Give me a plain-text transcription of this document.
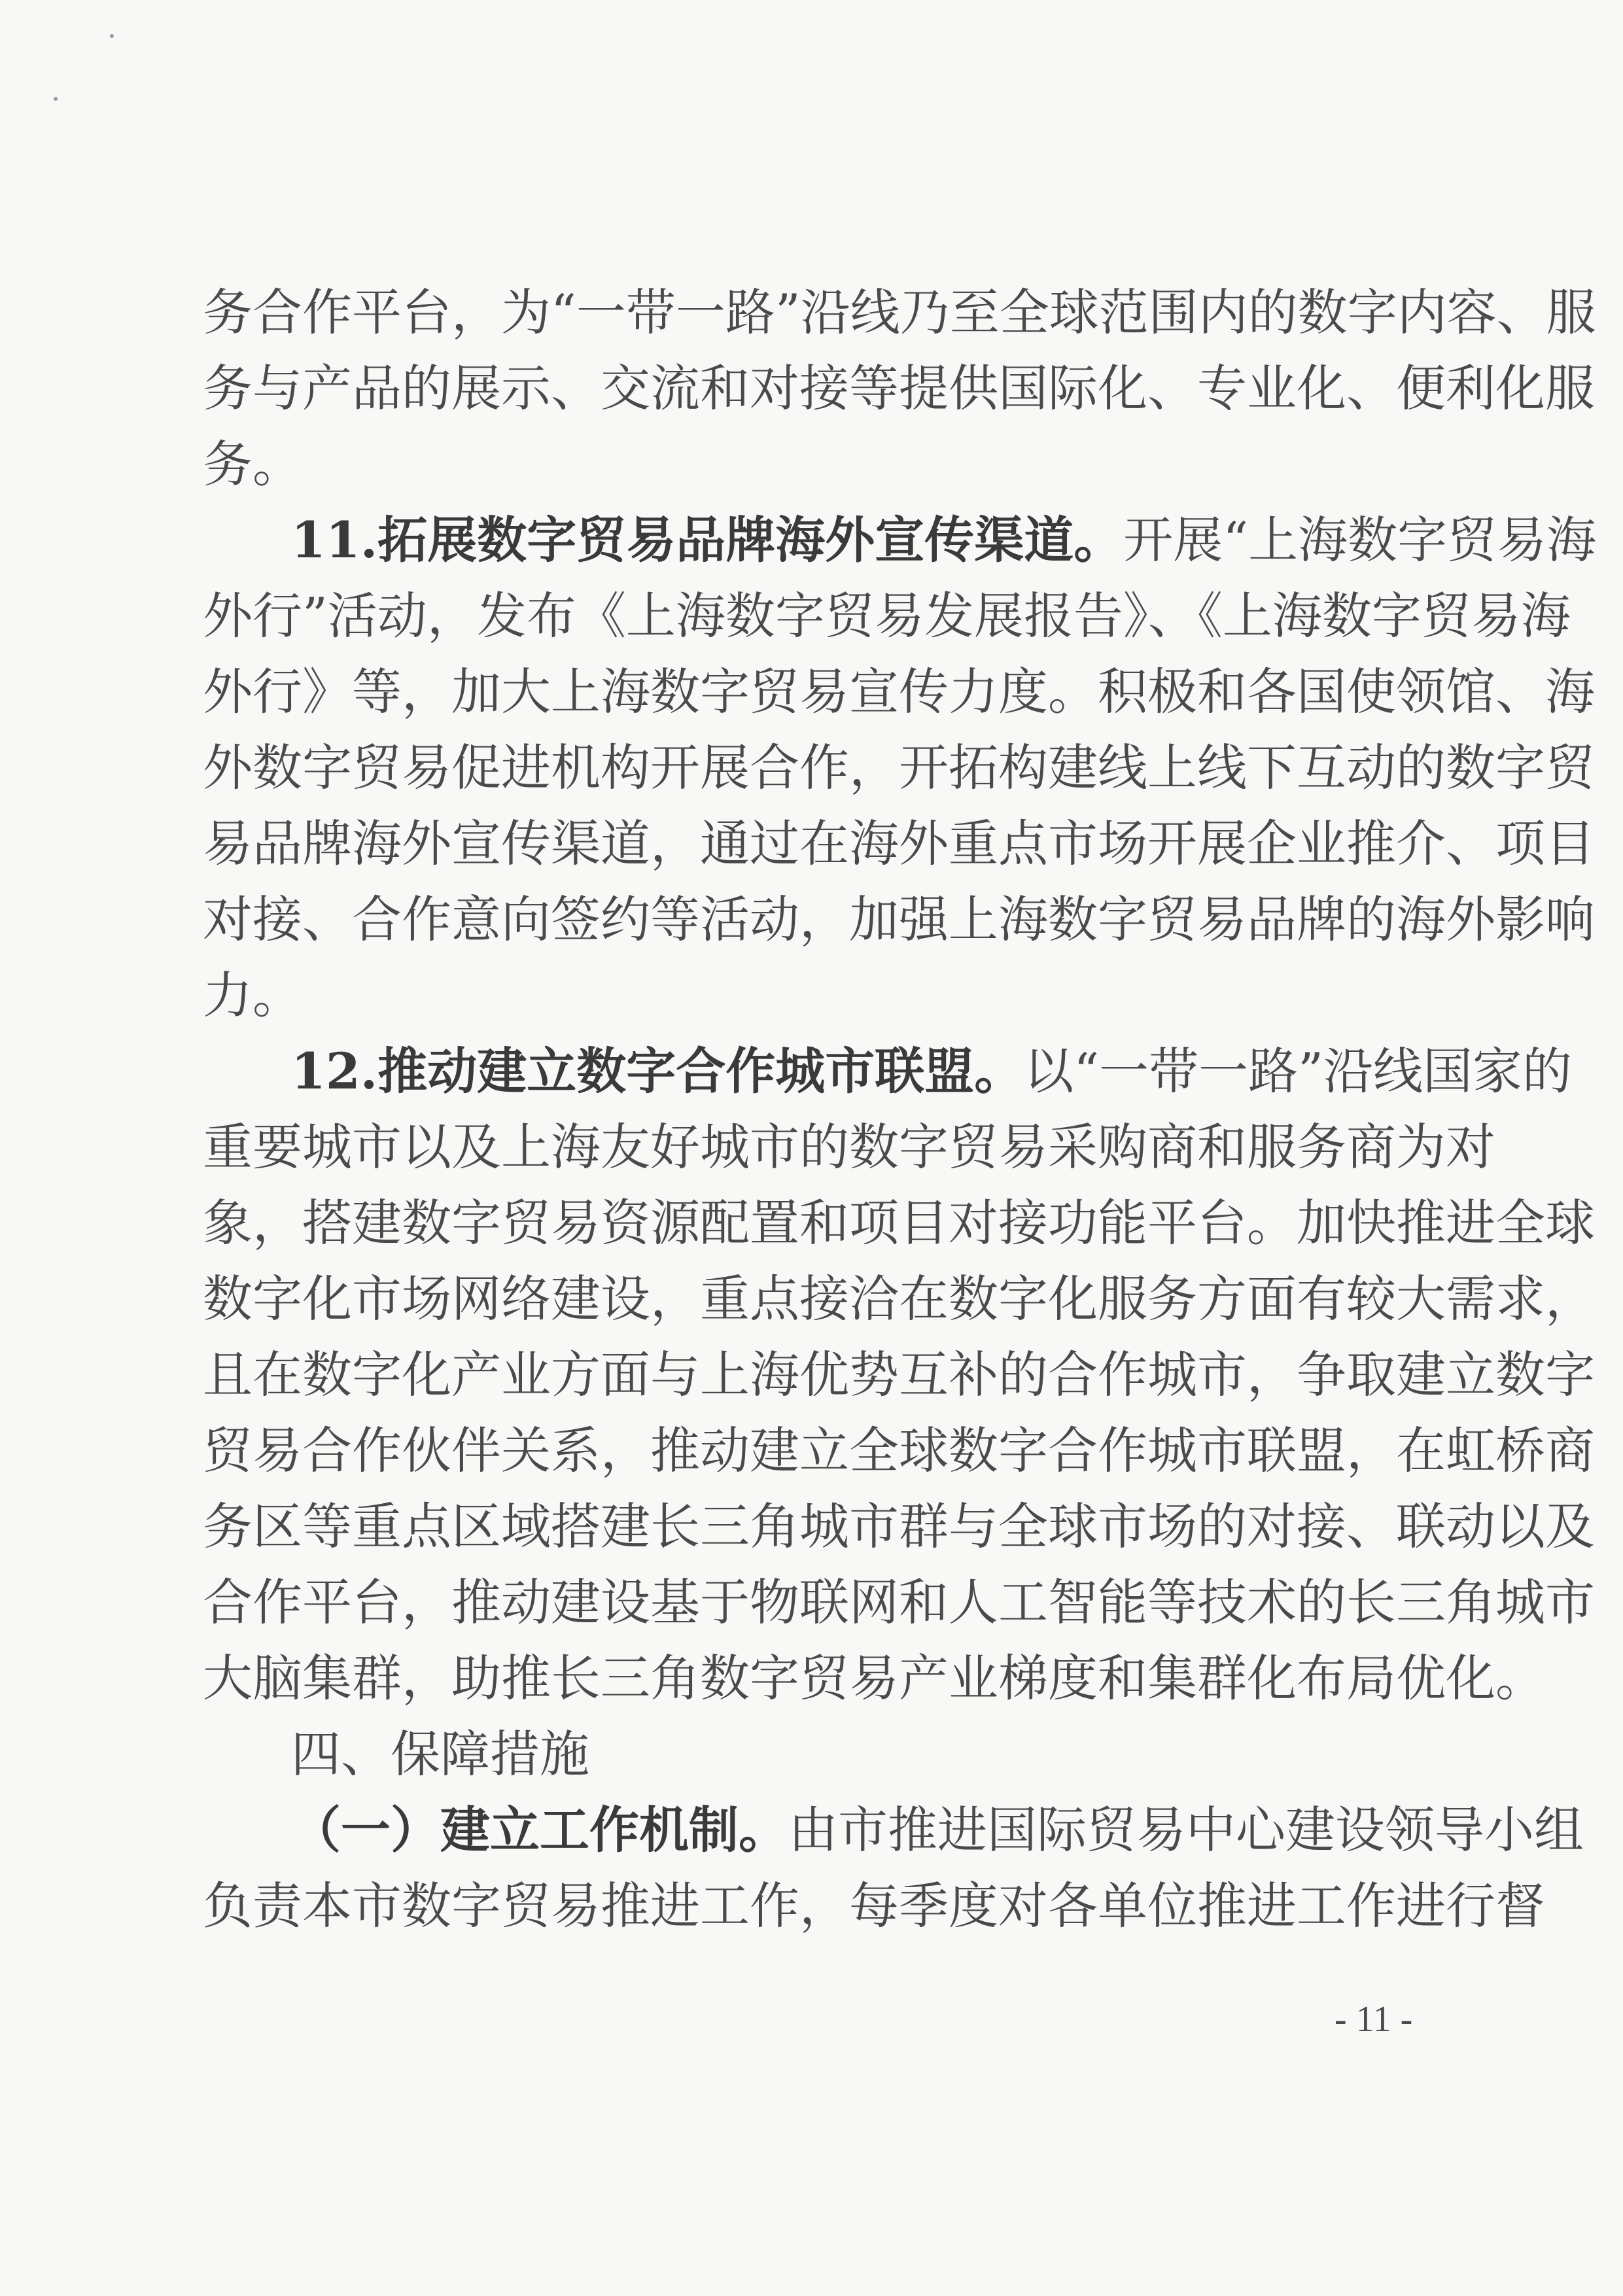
务合作平台，为“一带一路”沿线乃至全球范围内的数字内容、服
务与产品的展示、交流和对接等提供国际化、专业化、便利化服
务。
11.拓展数字贸易品牌海外宣传渠道。开展“上海数字贸易海
外行”活动，发布《上海数字贸易发展报告》、《上海数字贸易海
外行》等，加大上海数字贸易宣传力度。积极和各国使领馆、海
外数字贸易促进机构开展合作，开拓构建线上线下互动的数字贸
易品牌海外宣传渠道，通过在海外重点市场开展企业推介、项目
对接、合作意向签约等活动，加强上海数字贸易品牌的海外影响
力。
12.推动建立数字合作城市联盟。以“一带一路”沿线国家的
重要城市以及上海友好城市的数字贸易采购商和服务商为对
象，搭建数字贸易资源配置和项目对接功能平台。加快推进全球
数字化市场网络建设，重点接洽在数字化服务方面有较大需求，
且在数字化产业方面与上海优势互补的合作城市，争取建立数字
贸易合作伙伴关系，推动建立全球数字合作城市联盟，在虹桥商
务区等重点区域搭建长三角城市群与全球市场的对接、联动以及
合作平台，推动建设基于物联网和人工智能等技术的长三角城市
大脑集群，助推长三角数字贸易产业梯度和集群化布局优化。
四、保障措施
（一）建立工作机制。由市推进国际贸易中心建设领导小组
负责本市数字贸易推进工作，每季度对各单位推进工作进行督
- 11 -
